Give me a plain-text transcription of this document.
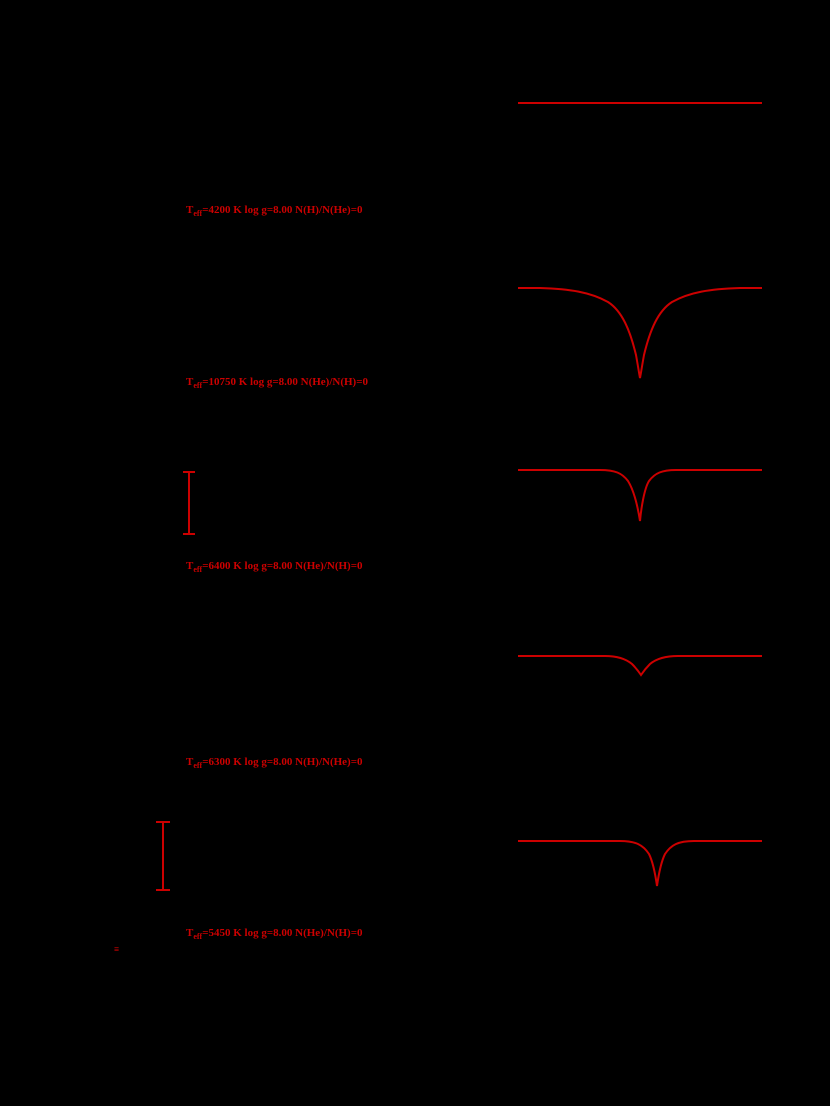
$T_{eff}=4200$ K log g=8.00 N(H)/N(He)=0
$T_{eff}=10750$ K log g=8.00 N(He)/N(H)=0
$T_{eff}=6400$ K log g=8.00 N(He)/N(H)=0
$T_{eff}=6300$ K log g=8.00 N(H)/N(He)=0
$T_{eff}=5450$ K log g=8.00 N(He)/N(H)=0
≡
